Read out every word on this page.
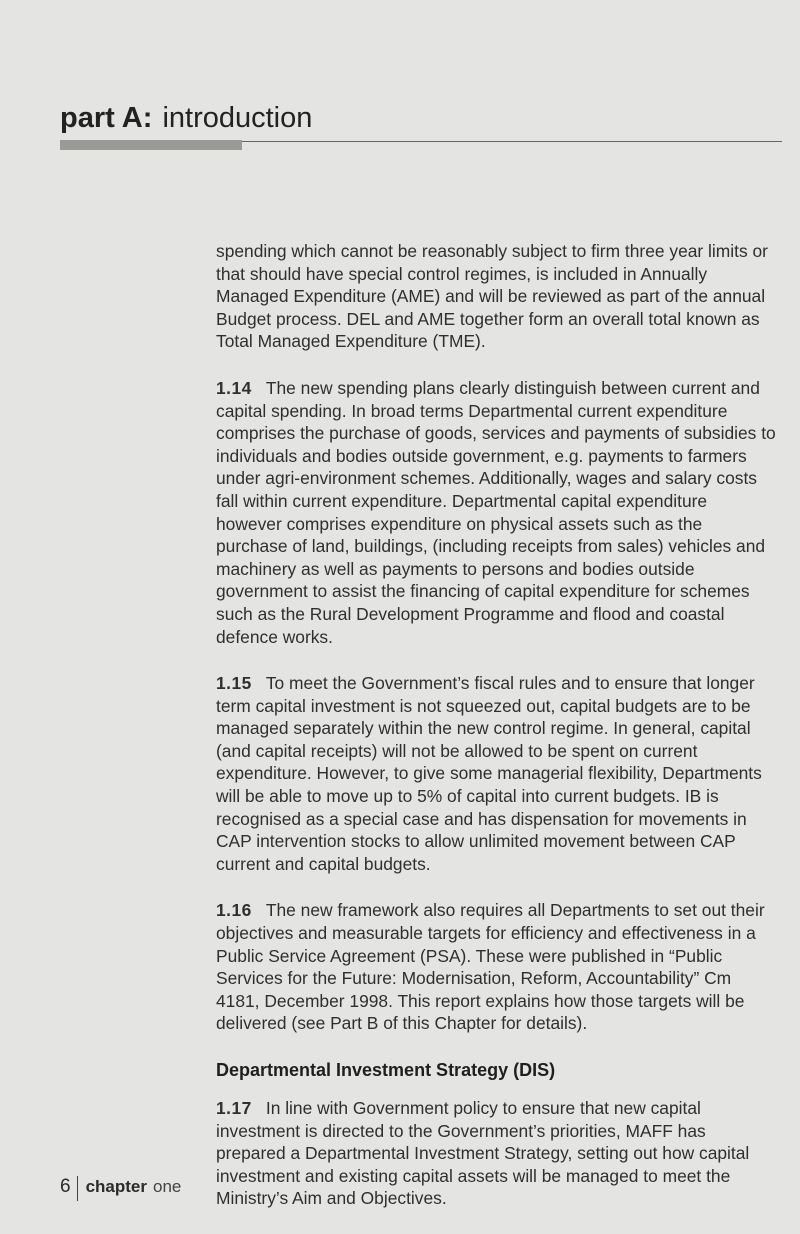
part A: introduction

spending which cannot be reasonably subject to firm three year limits or that should have special control regimes, is included in Annually Managed Expenditure (AME) and will be reviewed as part of the annual Budget process. DEL and AME together form an overall total known as Total Managed Expenditure (TME).

1.14 The new spending plans clearly distinguish between current and capital spending. In broad terms Departmental current expenditure comprises the purchase of goods, services and payments of subsidies to individuals and bodies outside government, e.g. payments to farmers under agri-environment schemes. Additionally, wages and salary costs fall within current expenditure. Departmental capital expenditure however comprises expenditure on physical assets such as the purchase of land, buildings, (including receipts from sales) vehicles and machinery as well as payments to persons and bodies outside government to assist the financing of capital expenditure for schemes such as the Rural Development Programme and flood and coastal defence works.

1.15 To meet the Government’s fiscal rules and to ensure that longer term capital investment is not squeezed out, capital budgets are to be managed separately within the new control regime. In general, capital (and capital receipts) will not be allowed to be spent on current expenditure. However, to give some managerial flexibility, Departments will be able to move up to 5% of capital into current budgets. IB is recognised as a special case and has dispensation for movements in CAP intervention stocks to allow unlimited movement between CAP current and capital budgets.

1.16 The new framework also requires all Departments to set out their objectives and measurable targets for efficiency and effectiveness in a Public Service Agreement (PSA). These were published in “Public Services for the Future: Modernisation, Reform, Accountability” Cm 4181, December 1998. This report explains how those targets will be delivered (see Part B of this Chapter for details).

Departmental Investment Strategy (DIS)

1.17 In line with Government policy to ensure that new capital investment is directed to the Government’s priorities, MAFF has prepared a Departmental Investment Strategy, setting out how capital investment and existing capital assets will be managed to meet the Ministry’s Aim and Objectives.

6 chapter one
